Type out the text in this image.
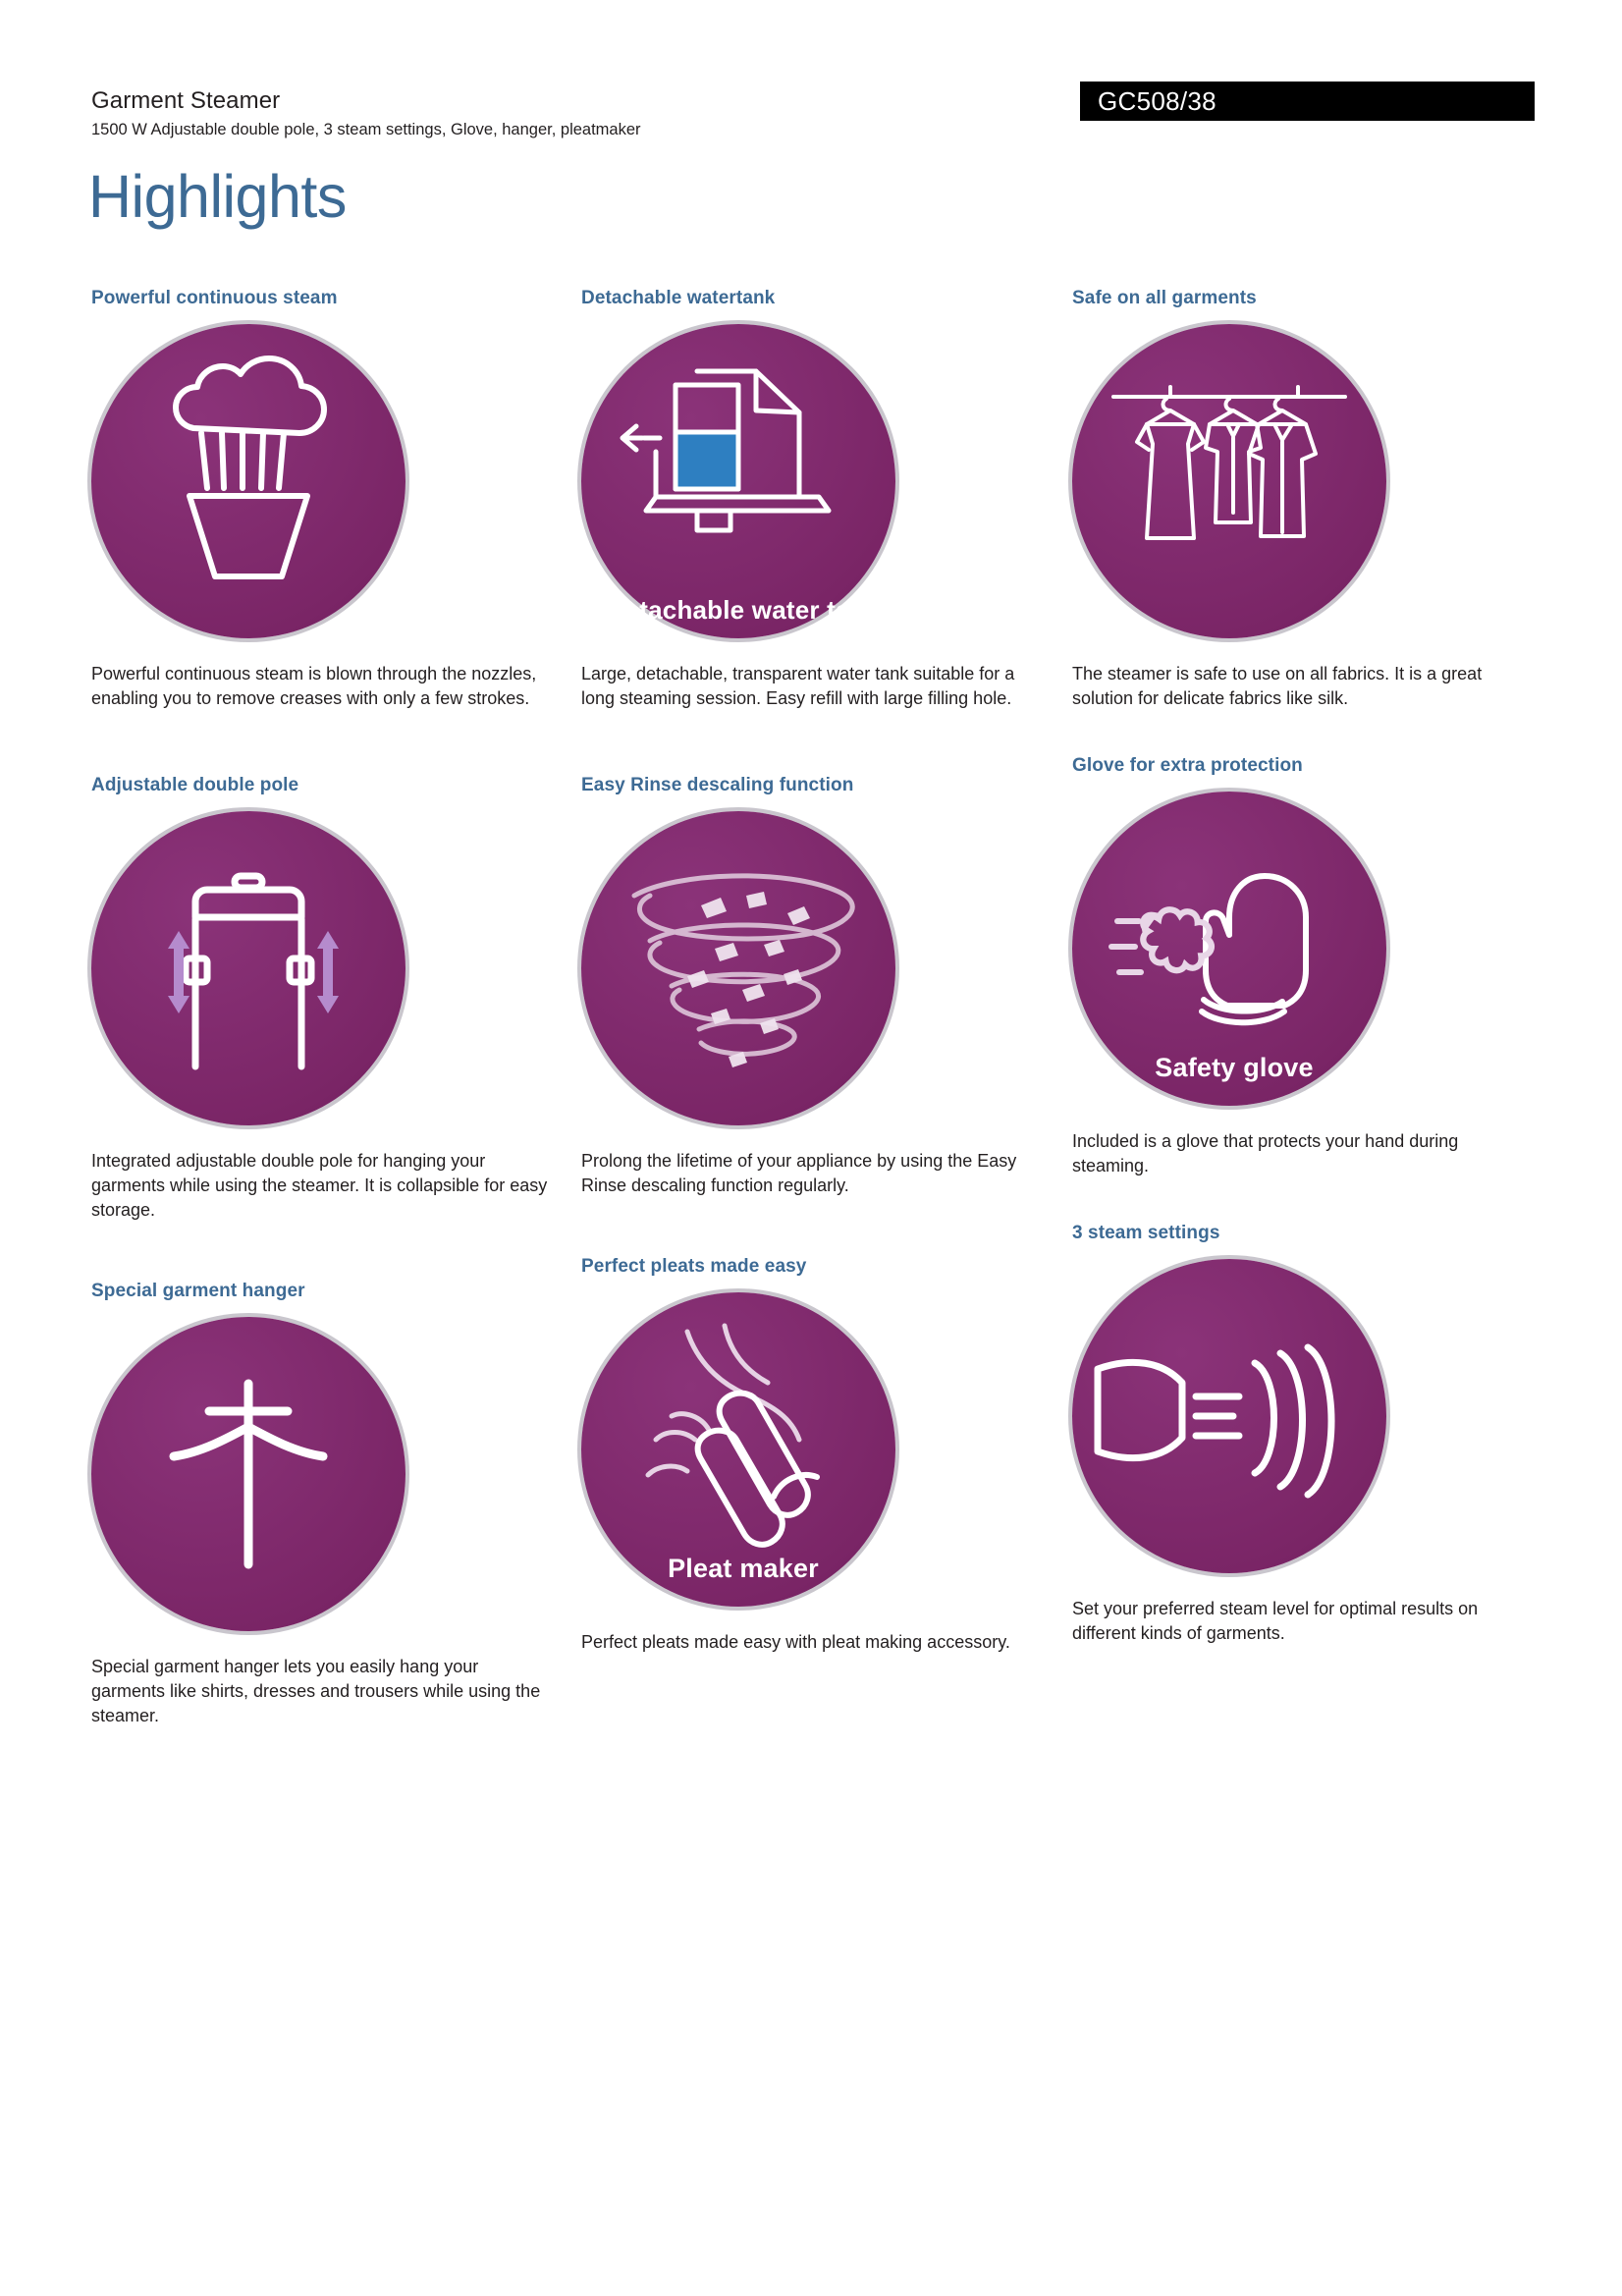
Garment Steamer
1500 W Adjustable double pole, 3 steam settings, Glove, hanger, pleatmaker
GC508/38
Highlights
Powerful continuous steam
Powerful continuous steam is blown through the nozzles, enabling you to remove creases with only a few strokes.
Adjustable double pole
Integrated adjustable double pole for hanging your garments while using the steamer. It is collapsible for easy storage.
Special garment hanger
Special garment hanger lets you easily hang your garments like shirts, dresses and trousers while using the steamer.
Detachable watertank
Detachable water tank
Large, detachable, transparent water tank suitable for a long steaming session. Easy refill with large filling hole.
Easy Rinse descaling function
Prolong the lifetime of your appliance by using the Easy Rinse descaling function regularly.
Perfect pleats made easy
Pleat maker
Perfect pleats made easy with pleat making accessory.
Safe on all garments
The steamer is safe to use on all fabrics. It is a great solution for delicate fabrics like silk.
Glove for extra protection
Safety glove
Included is a glove that protects your hand during steaming.
3 steam settings
Set your preferred steam level for optimal results on different kinds of garments.
